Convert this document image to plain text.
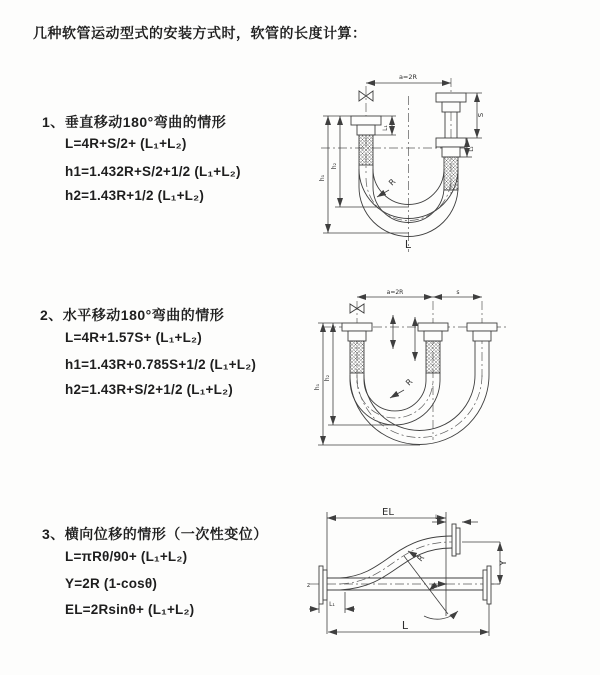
几种软管运动型式的安装方式时，软管的长度计算：
1、垂直移动180°弯曲的情形
L=4R+S/2+ (L₁+L₂)
h1=1.432R+S/2+1/2 (L₁+L₂)
h2=1.43R+1/2 (L₁+L₂)
2、水平移动180°弯曲的情形
L=4R+1.57S+ (L₁+L₂)
h1=1.43R+0.785S+1/2 (L₁+L₂)
h2=1.43R+S/2+1/2 (L₁+L₂)
3、横向位移的情形（一次性变位）
L=πRθ/90+ (L₁+L₂)
Y=2R (1-cosθ)
EL=2Rsinθ+ (L₁+L₂)
a=2R
L₁
S
L₂
h₁
h₂
R
L
a=2R	s
h₁
h₂	R
z
EL	L₂
R
θ
Y
L
L₁
